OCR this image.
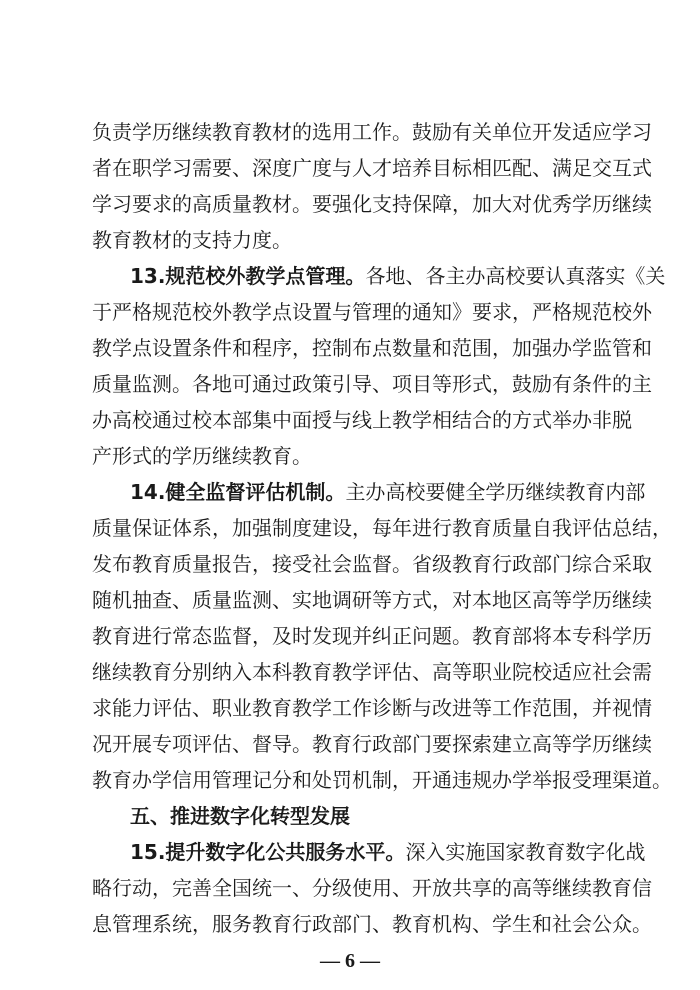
负责学历继续教育教材的选用工作。鼓励有关单位开发适应学习
者在职学习需要、深度广度与人才培养目标相匹配、满足交互式
学习要求的高质量教材。要强化支持保障，加大对优秀学历继续
教育教材的支持力度。
13.规范校外教学点管理。各地、各主办高校要认真落实《关
于严格规范校外教学点设置与管理的通知》要求，严格规范校外
教学点设置条件和程序，控制布点数量和范围，加强办学监管和
质量监测。各地可通过政策引导、项目等形式，鼓励有条件的主
办高校通过校本部集中面授与线上教学相结合的方式举办非脱
产形式的学历继续教育。
14.健全监督评估机制。主办高校要健全学历继续教育内部
质量保证体系，加强制度建设，每年进行教育质量自我评估总结，
发布教育质量报告，接受社会监督。省级教育行政部门综合采取
随机抽查、质量监测、实地调研等方式，对本地区高等学历继续
教育进行常态监督，及时发现并纠正问题。教育部将本专科学历
继续教育分别纳入本科教育教学评估、高等职业院校适应社会需
求能力评估、职业教育教学工作诊断与改进等工作范围，并视情
况开展专项评估、督导。教育行政部门要探索建立高等学历继续
教育办学信用管理记分和处罚机制，开通违规办学举报受理渠道。
五、推进数字化转型发展
15.提升数字化公共服务水平。深入实施国家教育数字化战
略行动，完善全国统一、分级使用、开放共享的高等继续教育信
— 6 —
息管理系统，服务教育行政部门、教育机构、学生和社会公众。
